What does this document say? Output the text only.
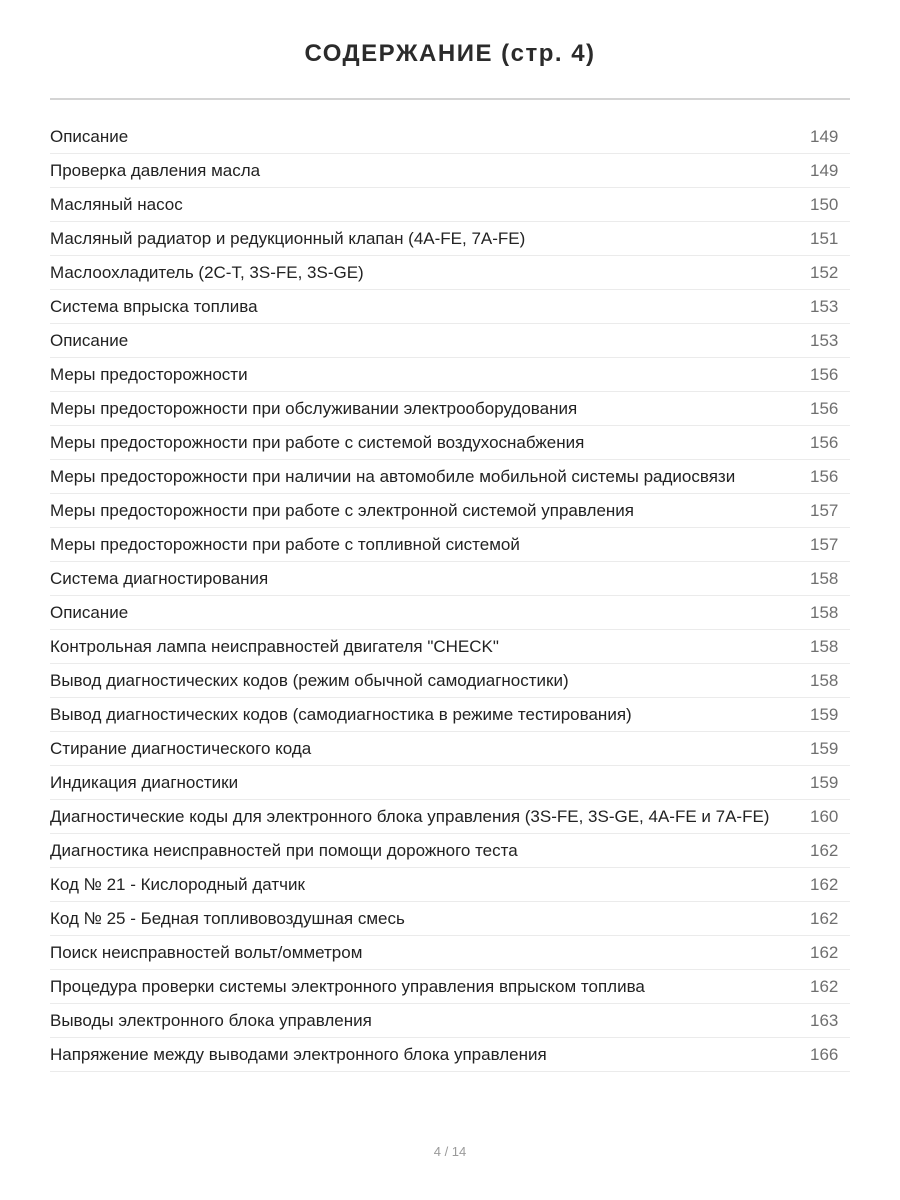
СОДЕРЖАНИЕ (стр. 4)
Описание	149
Проверка давления масла	149
Масляный насос	150
Масляный радиатор и редукционный клапан (4A-FE, 7A-FE)	151
Маслоохладитель (2C-T, 3S-FE, 3S-GE)	152
Система впрыска топлива	153
Описание	153
Меры предосторожности	156
Меры предосторожности при обслуживании электрооборудования	156
Меры предосторожности при работе с системой воздухоснабжения	156
Меры предосторожности при наличии на автомобиле мобильной системы радиосвязи	156
Меры предосторожности при работе с электронной системой управления	157
Меры предосторожности при работе с топливной системой	157
Система диагностирования	158
Описание	158
Контрольная лампа неисправностей двигателя "CHECK"	158
Вывод диагностических кодов (режим обычной самодиагностики)	158
Вывод диагностических кодов (самодиагностика в режиме тестирования)	159
Стирание диагностического кода	159
Индикация диагностики	159
Диагностические коды для электронного блока управления (3S-FE, 3S-GE, 4A-FE и 7A-FE)	160
Диагностика неисправностей при помощи дорожного теста	162
Код № 21 - Кислородный датчик	162
Код № 25 - Бедная топливовоздушная смесь	162
Поиск неисправностей вольт/омметром	162
Процедура проверки системы электронного управления впрыском топлива	162
Выводы электронного блока управления	163
Напряжение между выводами электронного блока управления	166
4 / 14
